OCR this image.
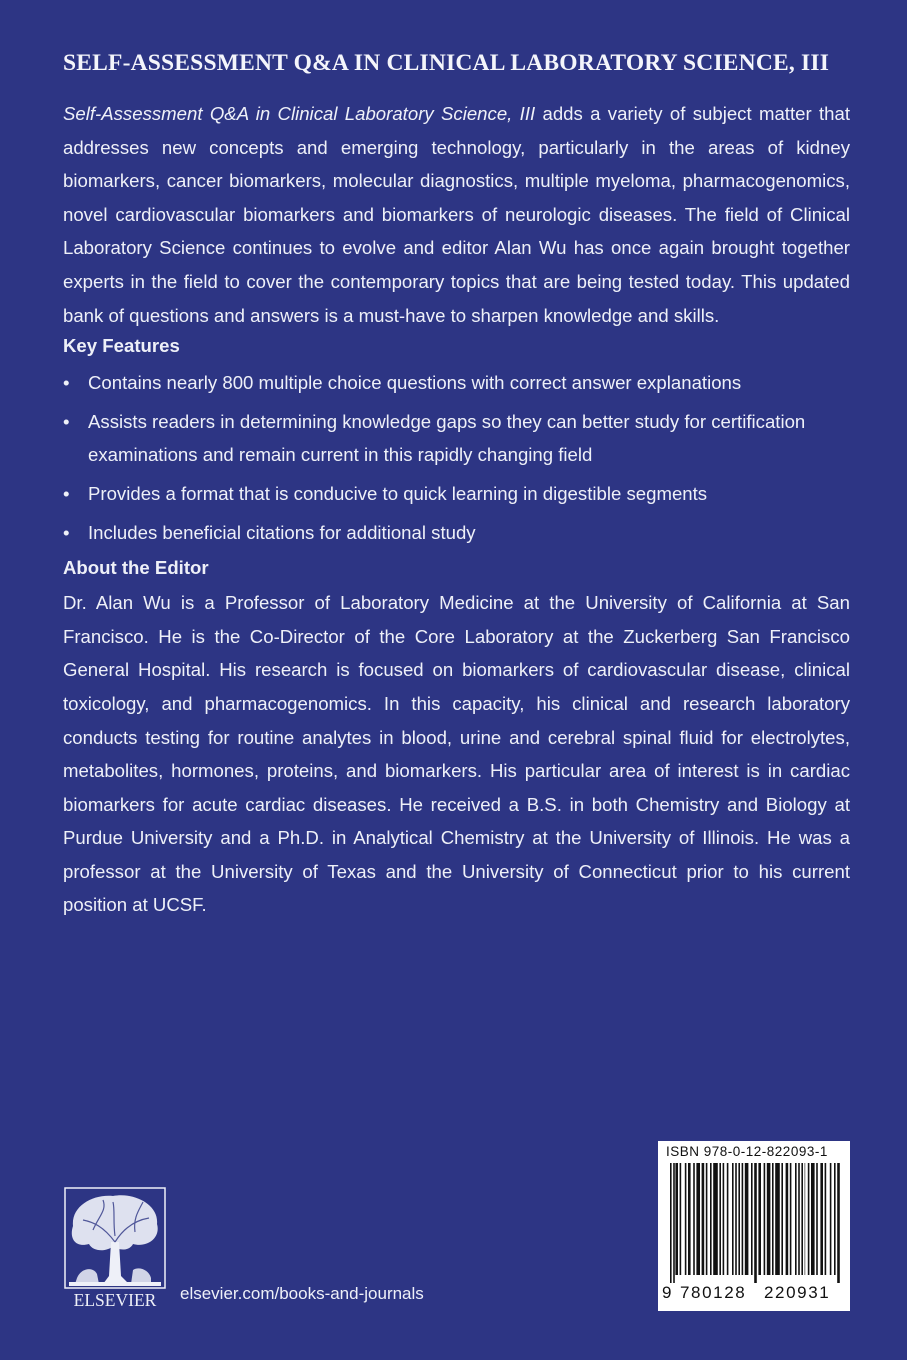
SELF-ASSESSMENT Q&A IN CLINICAL LABORATORY SCIENCE, III

Self-Assessment Q&A in Clinical Laboratory Science, III adds a variety of subject matter that addresses new concepts and emerging technology, particularly in the areas of kidney biomarkers, cancer biomarkers, molecular diagnostics, multiple myeloma, pharmacogenomics, novel cardiovascular biomarkers and biomarkers of neurologic diseases. The field of Clinical Laboratory Science continues to evolve and editor Alan Wu has once again brought together experts in the field to cover the contemporary topics that are being tested today. This updated bank of questions and answers is a must-have to sharpen knowledge and skills.

Key Features
• Contains nearly 800 multiple choice questions with correct answer explanations
• Assists readers in determining knowledge gaps so they can better study for certification examinations and remain current in this rapidly changing field
• Provides a format that is conducive to quick learning in digestible segments
• Includes beneficial citations for additional study
About the Editor

Dr. Alan Wu is a Professor of Laboratory Medicine at the University of California at San Francisco. He is the Co-Director of the Core Laboratory at the Zuckerberg San Francisco General Hospital. His research is focused on biomarkers of cardiovascular disease, clinical toxicology, and pharmacogenomics. In this capacity, his clinical and research laboratory conducts testing for routine analytes in blood, urine and cerebral spinal fluid for electrolytes, metabolites, hormones, proteins, and biomarkers. His particular area of interest is in cardiac biomarkers for acute cardiac diseases. He received a B.S. in both Chemistry and Biology at Purdue University and a Ph.D. in Analytical Chemistry at the University of Illinois. He was a professor at the University of Texas and the University of Connecticut prior to his current position at UCSF.

ELSEVIER elsevier.com/books-and-journals
ISBN 978-0-12-822093-1
9 780128 220931
